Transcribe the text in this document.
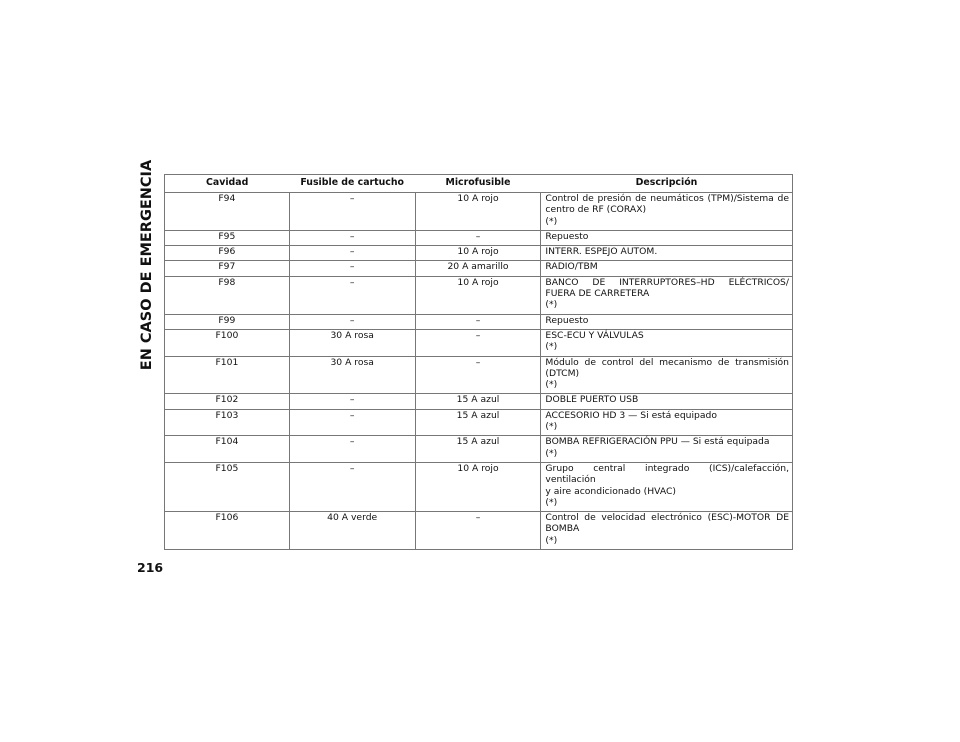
EN CASO DE EMERGENCIA	Cavidad	Fusible de cartucho	Microfusible	Descripción
F94	–	10 A rojo	Control de presión de neumáticos (TPM)/Sistema de
centro de RF (CORAX)
(*)

F95	–	–	Repuesto

F96	–	10 A rojo	INTERR. ESPEJO AUTOM.

F97	–	20 A amarillo	RADIO/TBM

F98	–	10 A rojo	BANCO DE INTERRUPTORES–HD ELÉCTRICOS/
FUERA DE CARRETERA
(*)

F99	–	–	Repuesto

F100	30 A rosa	–	ESC-ECU Y VÁLVULAS
(*)

F101	30 A rosa	–	Módulo de control del mecanismo de transmisión
(DTCM)
(*)

F102	–	15 A azul	DOBLE PUERTO USB

F103	–	15 A azul	ACCESORIO HD 3 — Si está equipado
(*)

F104	–	15 A azul	BOMBA REFRIGERACIÓN PPU — Si está equipada
(*)

F105	–	10 A rojo	Grupo central integrado (ICS)/calefacción, ventilación
y aire acondicionado (HVAC)
(*)

F106	40 A verde	–	Control de velocidad electrónico (ESC)-MOTOR DE
BOMBA
(*)
216
